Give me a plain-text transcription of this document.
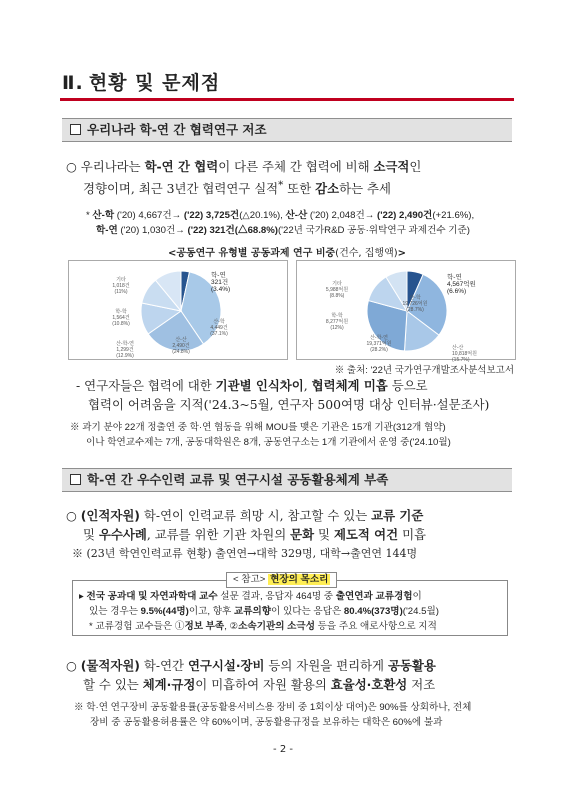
Ⅱ. 현황 및 문제점
우리나라 학-연 간 협력연구 저조
○ 우리나라는 학-연 간 협력이 다른 주체 간 협력에 비해 소극적인
경향이며, 최근 3년간 협력연구 실적* 또한 감소하는 추세
* 산-학 ('20) 4,667건→ ('22) 3,725건(△20.1%), 산-산 ('20) 2,048건→ ('22) 2,490건(+21.6%),
학-연 ('20) 1,030건→ ('22) 321건(△68.8%)('22년 국가R&D 공동·위탁연구 과제건수 기준)
<공동연구 유형별 공동과제 연구 비중(건수, 집행액)>
학-연 321건 (3.4%)
산-학 4,449건 (37.1%)
산-산 2,490건 (24.8%)
산-학-연 1,299건 (12.9%)
학-학 1,564건 (10.8%)
기타 1,018건 (11%)
학-연 4,567억원 (6.6%)
산-학 19,726억원 (28.7%)
산-산 10,818억원 (15.7%)
산-학-연 19,371억원 (28.2%)
학-학 8,277억원 (12%)
기타 5,988억원 (8.8%)
※ 출처: '22년 국가연구개발조사분석보고서
- 연구자들은 협력에 대한 기관별 인식차이, 협력체계 미흡 등으로
협력이 어려움을 지적('24.3~5월, 연구자 500여명 대상 인터뷰·설문조사)
※ 과기 분야 22개 정출연 중 학·연 협동을 위해 MOU를 맺은 기관은 15개 기관(312개 협약)
이나 학연교수제는 7개, 공동대학원은 8개, 공동연구소는 1개 기관에서 운영 중('24.10월)
학-연 간 우수인력 교류 및 연구시설 공동활용체계 부족
○ (인적자원) 학-연이 인력교류 희망 시, 참고할 수 있는 교류 기준
및 우수사례, 교류를 위한 기관 차원의 문화 및 제도적 여건 미흡
※ (23년 학연인력교류 현황) 출연연→대학 329명, 대학→출연연 144명
▸ 전국 공과대 및 자연과학대 교수 설문 결과, 응답자 464명 중 출연연과 교류경험이
있는 경우는 9.5%(44명)이고, 향후 교류의향이 있다는 응답은 80.4%(373명)('24.5월)
* 교류경험 교수들은 ①정보 부족, ②소속기관의 소극성 등을 주요 애로사항으로 지적
< 참고> 현장의 목소리
○ (물적자원) 학-연간 연구시설·장비 등의 자원을 편리하게 공동활용
할 수 있는 체계·규정이 미흡하여 자원 활용의 효율성·호환성 저조
※ 학·연 연구장비 공동활용률(공동활용서비스용 장비 중 1회이상 대여)은 90%를 상회하나, 전체
장비 중 공동활용허용률은 약 60%이며, 공동활용규정을 보유하는 대학은 60%에 불과
- 2 -
